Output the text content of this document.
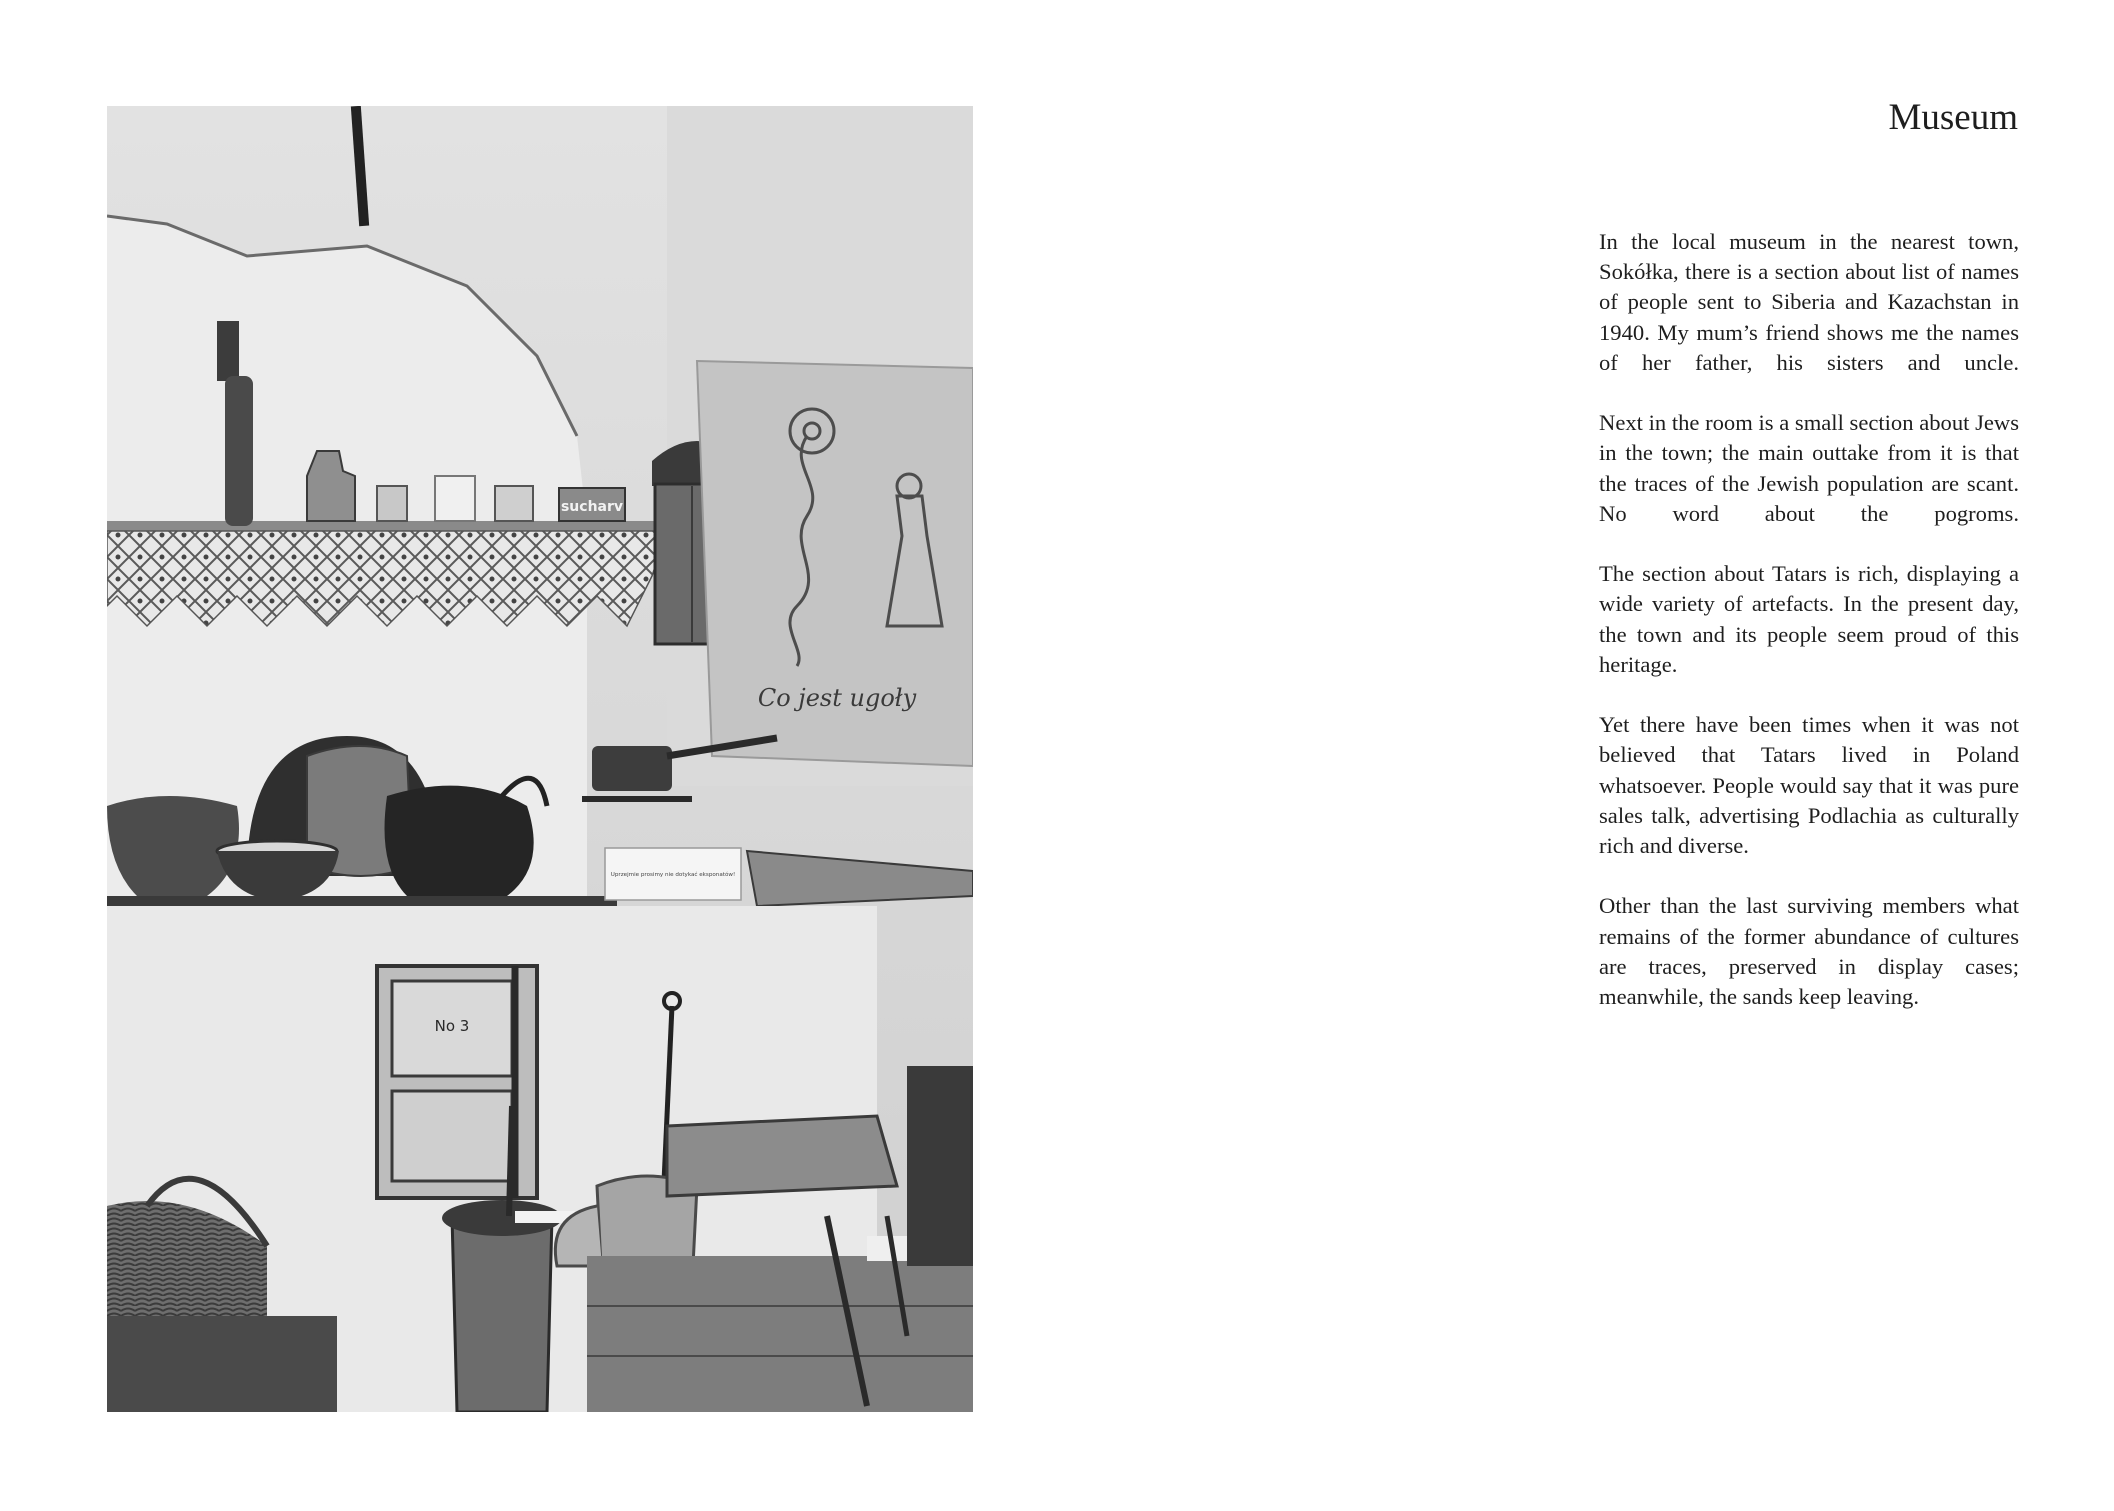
sucharv
Co jest ugoły
Uprzejmie prosimy nie dotykać eksponatów!
No 3
Museum

In the local museum in the nearest town, Sokółka, there is a section about list of names of people sent to Siberia and Kazachstan in 1940. My mum’s friend shows me the names of her father, his sisters and uncle.

Next in the room is a small section about Jews in the town; the main outtake from it is that the traces of the Jewish population are scant. No word about the pogroms.

The section about Tatars is rich, displaying a wide variety of artefacts. In the present day, the town and its people seem proud of this heritage.

Yet there have been times when it was not believed that Tatars lived in Poland whatsoever. People would say that it was pure sales talk, advertising Podlachia as culturally rich and diverse.

Other than the last surviving members what remains of the former abundance of cultures are traces, preserved in display cases; meanwhile, the sands keep leaving.
